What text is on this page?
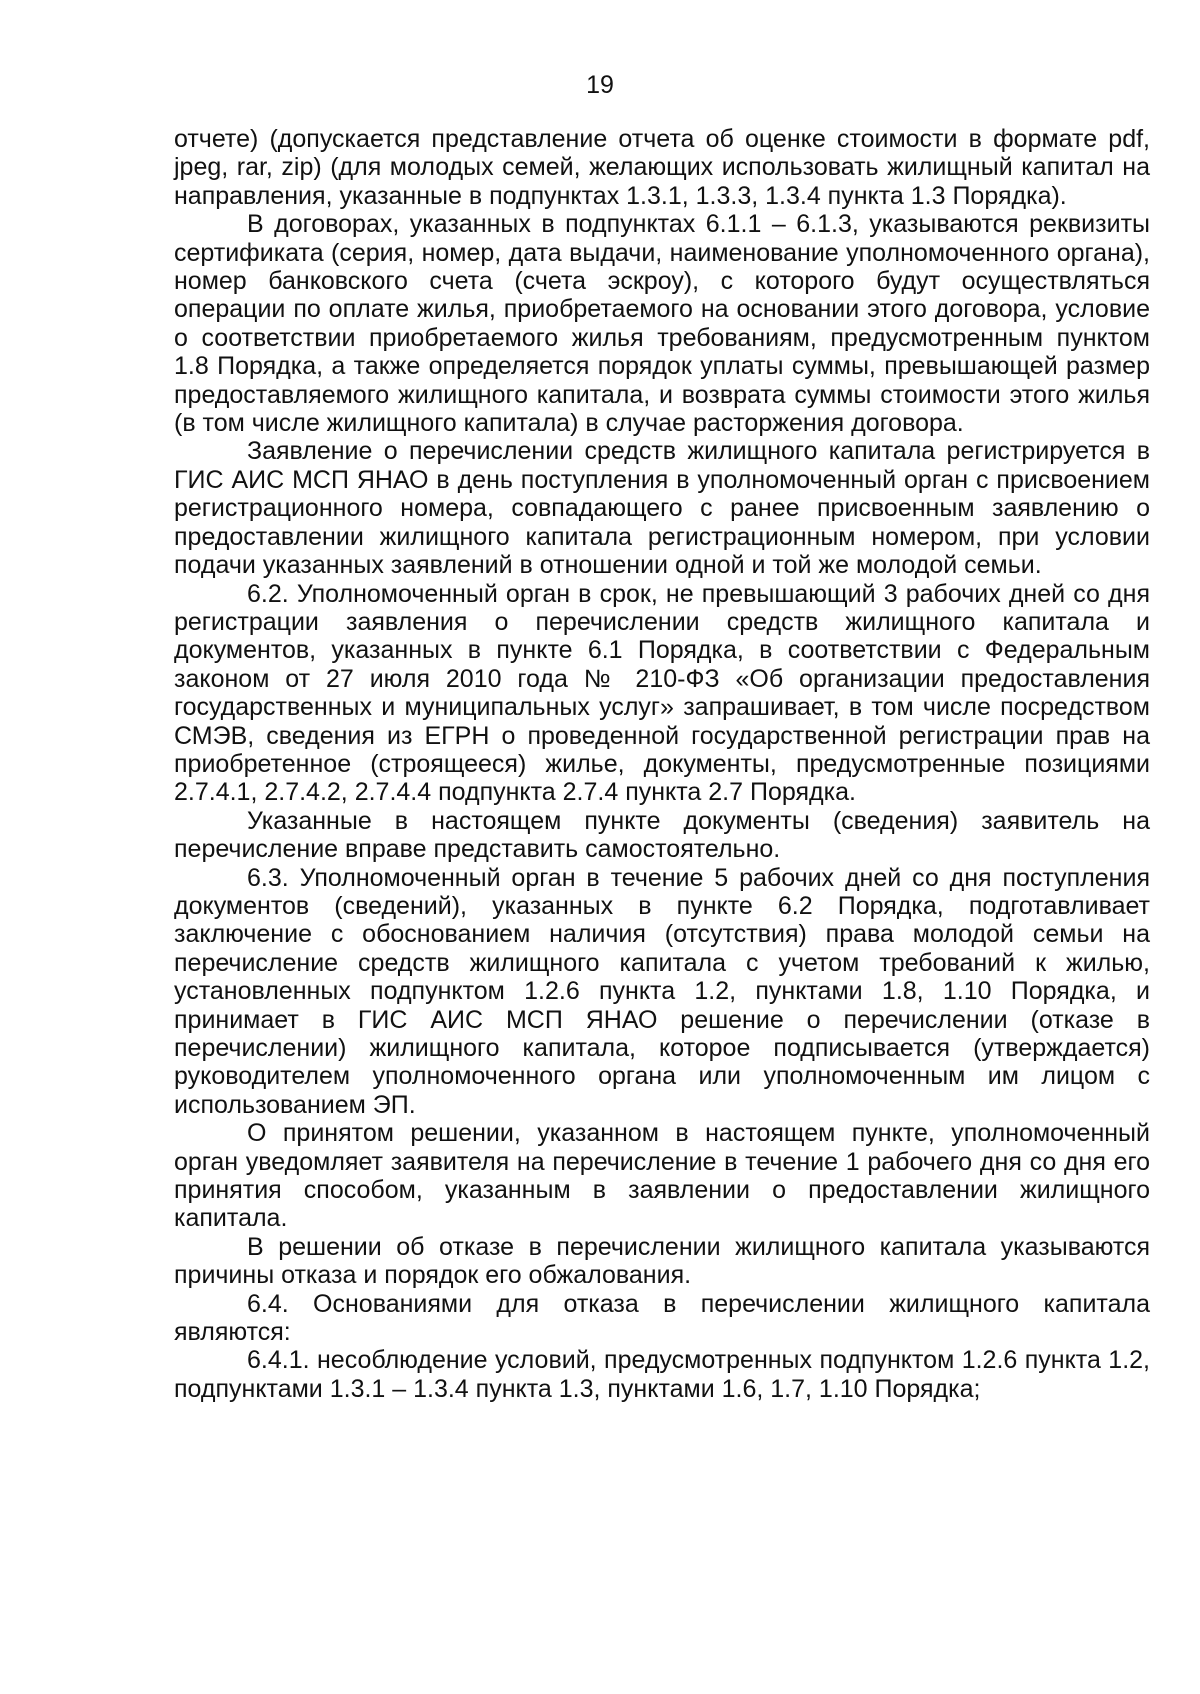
19

отчете) (допускается представление отчета об оценке стоимости в формате pdf, jpeg, rar, zip) (для молодых семей, желающих использовать жилищный капитал на направления, указанные в подпунктах 1.3.1, 1.3.3, 1.3.4 пункта 1.3 Порядка).

В договорах, указанных в подпунктах 6.1.1 – 6.1.3, указываются реквизиты сертификата (серия, номер, дата выдачи, наименование уполномоченного органа), номер банковского счета (счета эскроу), с которого будут осуществляться операции по оплате жилья, приобретаемого на основании этого договора, условие о соответствии приобретаемого жилья требованиям, предусмотренным пунктом 1.8 Порядка, а также определяется порядок уплаты суммы, превышающей размер предоставляемого жилищного капитала, и возврата суммы стоимости этого жилья (в том числе жилищного капитала) в случае расторжения договора.

Заявление о перечислении средств жилищного капитала регистрируется в ГИС АИС МСП ЯНАО в день поступления в уполномоченный орган с присвоением регистрационного номера, совпадающего с ранее присвоенным заявлению о предоставлении жилищного капитала регистрационным номером, при условии подачи указанных заявлений в отношении одной и той же молодой семьи.

6.2. Уполномоченный орган в срок, не превышающий 3 рабочих дней со дня регистрации заявления о перечислении средств жилищного капитала и документов, указанных в пункте 6.1 Порядка, в соответствии с Федеральным законом от 27 июля 2010 года № 210-ФЗ «Об организации предоставления государственных и муниципальных услуг» запрашивает, в том числе посредством СМЭВ, сведения из ЕГРН о проведенной государственной регистрации прав на приобретенное (строящееся) жилье, документы, предусмотренные позициями 2.7.4.1, 2.7.4.2, 2.7.4.4 подпункта 2.7.4 пункта 2.7 Порядка.

Указанные в настоящем пункте документы (сведения) заявитель на перечисление вправе представить самостоятельно.

6.3. Уполномоченный орган в течение 5 рабочих дней со дня поступления документов (сведений), указанных в пункте 6.2 Порядка, подготавливает заключение с обоснованием наличия (отсутствия) права молодой семьи на перечисление средств жилищного капитала с учетом требований к жилью, установленных подпунктом 1.2.6 пункта 1.2, пунктами 1.8, 1.10 Порядка, и принимает в ГИС АИС МСП ЯНАО решение о перечислении (отказе в перечислении) жилищного капитала, которое подписывается (утверждается) руководителем уполномоченного органа или уполномоченным им лицом с использованием ЭП.

О принятом решении, указанном в настоящем пункте, уполномоченный орган уведомляет заявителя на перечисление в течение 1 рабочего дня со дня его принятия способом, указанным в заявлении о предоставлении жилищного капитала.

В решении об отказе в перечислении жилищного капитала указываются причины отказа и порядок его обжалования.

6.4. Основаниями для отказа в перечислении жилищного капитала являются:

6.4.1. несоблюдение условий, предусмотренных подпунктом 1.2.6 пункта 1.2, подпунктами 1.3.1 – 1.3.4 пункта 1.3, пунктами 1.6, 1.7, 1.10 Порядка;
